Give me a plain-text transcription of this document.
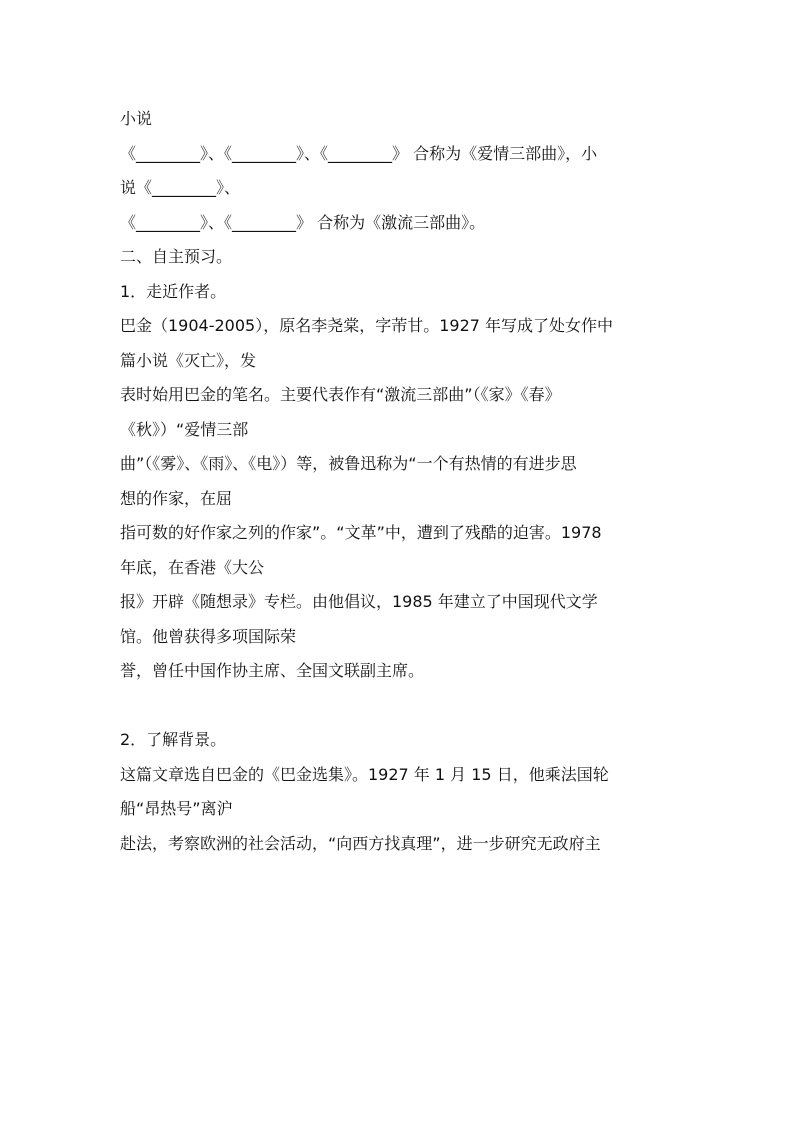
小说
《________》、《________》、《________》 合称为《爱情三部曲》，小
说《________》、
《________》、《________》 合称为《激流三部曲》。
二、自主预习。
1．走近作者。
巴金（1904-2005），原名李尧棠，字芾甘。1927 年写成了处女作中
篇小说《灭亡》，发
表时始用巴金的笔名。主要代表作有“激流三部曲”（《家》《春》
《秋》）“爱情三部
曲”（《雾》、《雨》、《电》）等，被鲁迅称为“一个有热情的有进步思
想的作家，在屈
指可数的好作家之列的作家”。“文革”中，遭到了残酷的迫害。1978
年底，在香港《大公
报》开辟《随想录》专栏。由他倡议，1985 年建立了中国现代文学
馆。他曾获得多项国际荣
誉，曾任中国作协主席、全国文联副主席。
2．了解背景。
这篇文章选自巴金的《巴金选集》。1927 年 1 月 15 日，他乘法国轮
船“昂热号”离沪
赴法，考察欧洲的社会活动，“向西方找真理”，进一步研究无政府主
